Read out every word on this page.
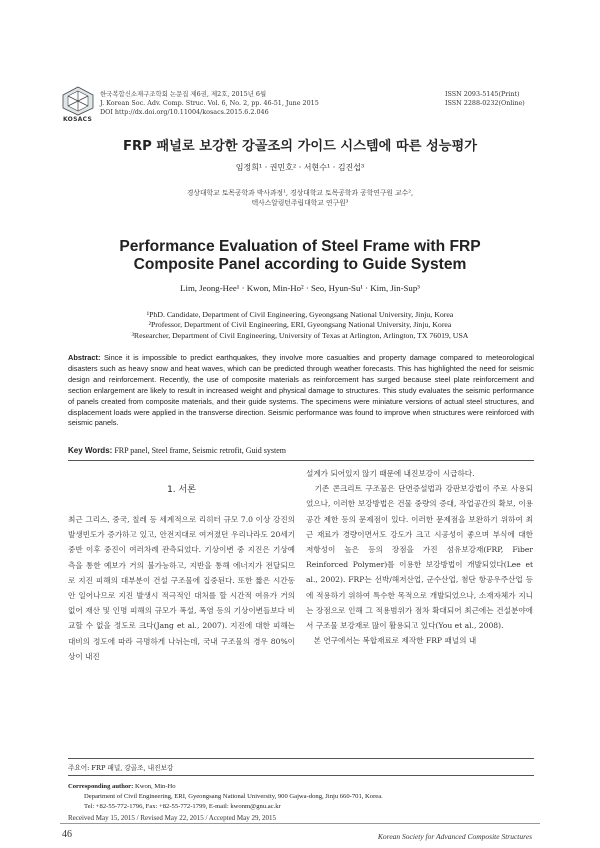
KOSACS
한국복합신소재구조학회 논문집 제6권, 제2호, 2015년 6월
J. Korean Soc. Adv. Comp. Struc. Vol. 6, No. 2, pp. 46-51, June 2015
DOI http://dx.doi.org/10.11004/kosacs.2015.6.2.046
ISSN 2093-5145(Print)
ISSN 2288-0232(Online)
FRP 패널로 보강한 강골조의 가이드 시스템에 따른 성능평가
임정희¹ · 권민호² · 서현수¹ · 김진섭³
경상대학교 토목공학과 박사과정¹, 경상대학교 토목공학과 공학연구원 교수²,
텍사스알링턴주립대학교 연구원³
Performance Evaluation of Steel Frame with FRP Composite Panel according to Guide System
Lim, Jeong-Hee¹ · Kwon, Min-Ho² · Seo, Hyun-Su¹ · Kim, Jin-Sup³
¹PhD. Candidate, Department of Civil Engineering, Gyeongsang National University, Jinju, Korea
²Professor, Department of Civil Engineering, ERI, Gyeongsang National University, Jinju, Korea
³Researcher, Department of Civil Engineering, University of Texas at Arlington, Arlington, TX 76019, USA
Abstract: Since it is impossible to predict earthquakes, they involve more casualties and property damage compared to meteorological disasters such as heavy snow and heat waves, which can be predicted through weather forecasts. This has highlighted the need for seismic design and reinforcement. Recently, the use of composite materials as reinforcement has surged because steel plate reinforcement and section enlargement are likely to result in increased weight and physical damage to structures. This study evaluates the seismic performance of panels created from composite materials, and their guide systems. The specimens were miniature versions of actual steel structures, and displacement loads were applied in the transverse direction. Seismic performance was found to improve when structures were reinforced with seismic panels.
Key Words: FRP panel, Steel frame, Seismic retrofit, Guid system
1. 서론
최근 그리스, 중국, 칠레 등 세계적으로 리히터 규모 7.0 이상 강진의 발생빈도가 증가하고 있고, 안전지대로 여겨졌던 우리나라도 20세기 중반 이후 중진이 여러차례 관측되었다. 기상이변 중 지진은 기상예측을 통한 예보가 거의 불가능하고, 지반을 통해 에너지가 전달되므로 지진 피해의 대부분이 건설 구조물에 집중된다. 또한 짧은 시간동안 일어나므로 지진 발생시 적극적인 대처를 할 시간적 여유가 거의 없어 재산 및 인명 피해의 규모가 폭설, 폭염 등의 기상이변들보다 비교할 수 없을 정도로 크다(Jang et al., 2007). 지진에 대한 피해는 대비의 정도에 따라 극명하게 나뉘는데, 국내 구조물의 경우 80%이상이 내진
설계가 되어있지 않기 때문에 내진보강이 시급하다.
　기존 콘크리트 구조물은 단면증설법과 강판보강법이 주로 사용되었으나, 이러한 보강방법은 건물 중량의 증대, 작업공간의 확보, 이용공간 제한 등의 문제점이 있다. 이러한 문제점을 보완하기 위하여 최근 재료가 경량이면서도 강도가 크고 시공성이 좋으며 부식에 대한 저항성이 높은 등의 장점을 가진 섬유보강재(FRP, Fiber Reinforced Polymer)를 이용한 보강방법이 개발되었다(Lee et al., 2002). FRP는 선박/해저산업, 군수산업, 첨단 항공우주산업 등에 적용하기 위하여 특수한 목적으로 개발되었으나, 소재자체가 지니는 장점으로 인해 그 적용범위가 점차 확대되어 최근에는 건설분야에서 구조물 보강재로 많이 활용되고 있다(You et al., 2008).
　본 연구에서는 복합재료로 제작한 FRP 패널의 내
주요어: FRP 패널, 강골조, 내진보강
Corresponding author: Kwon, Min-Ho
Department of Civil Engineering, ERI, Gyeongsang National University, 900 Gajwa-dong, Jinju 660-701, Korea.
Tel: +82-55-772-1796, Fax: +82-55-772-1799, E-mail: kwonm@gnu.ac.kr
Received May 15, 2015 / Revised May 22, 2015 / Accepted May 29, 2015
46	Korean Society for Advanced Composite Structures
